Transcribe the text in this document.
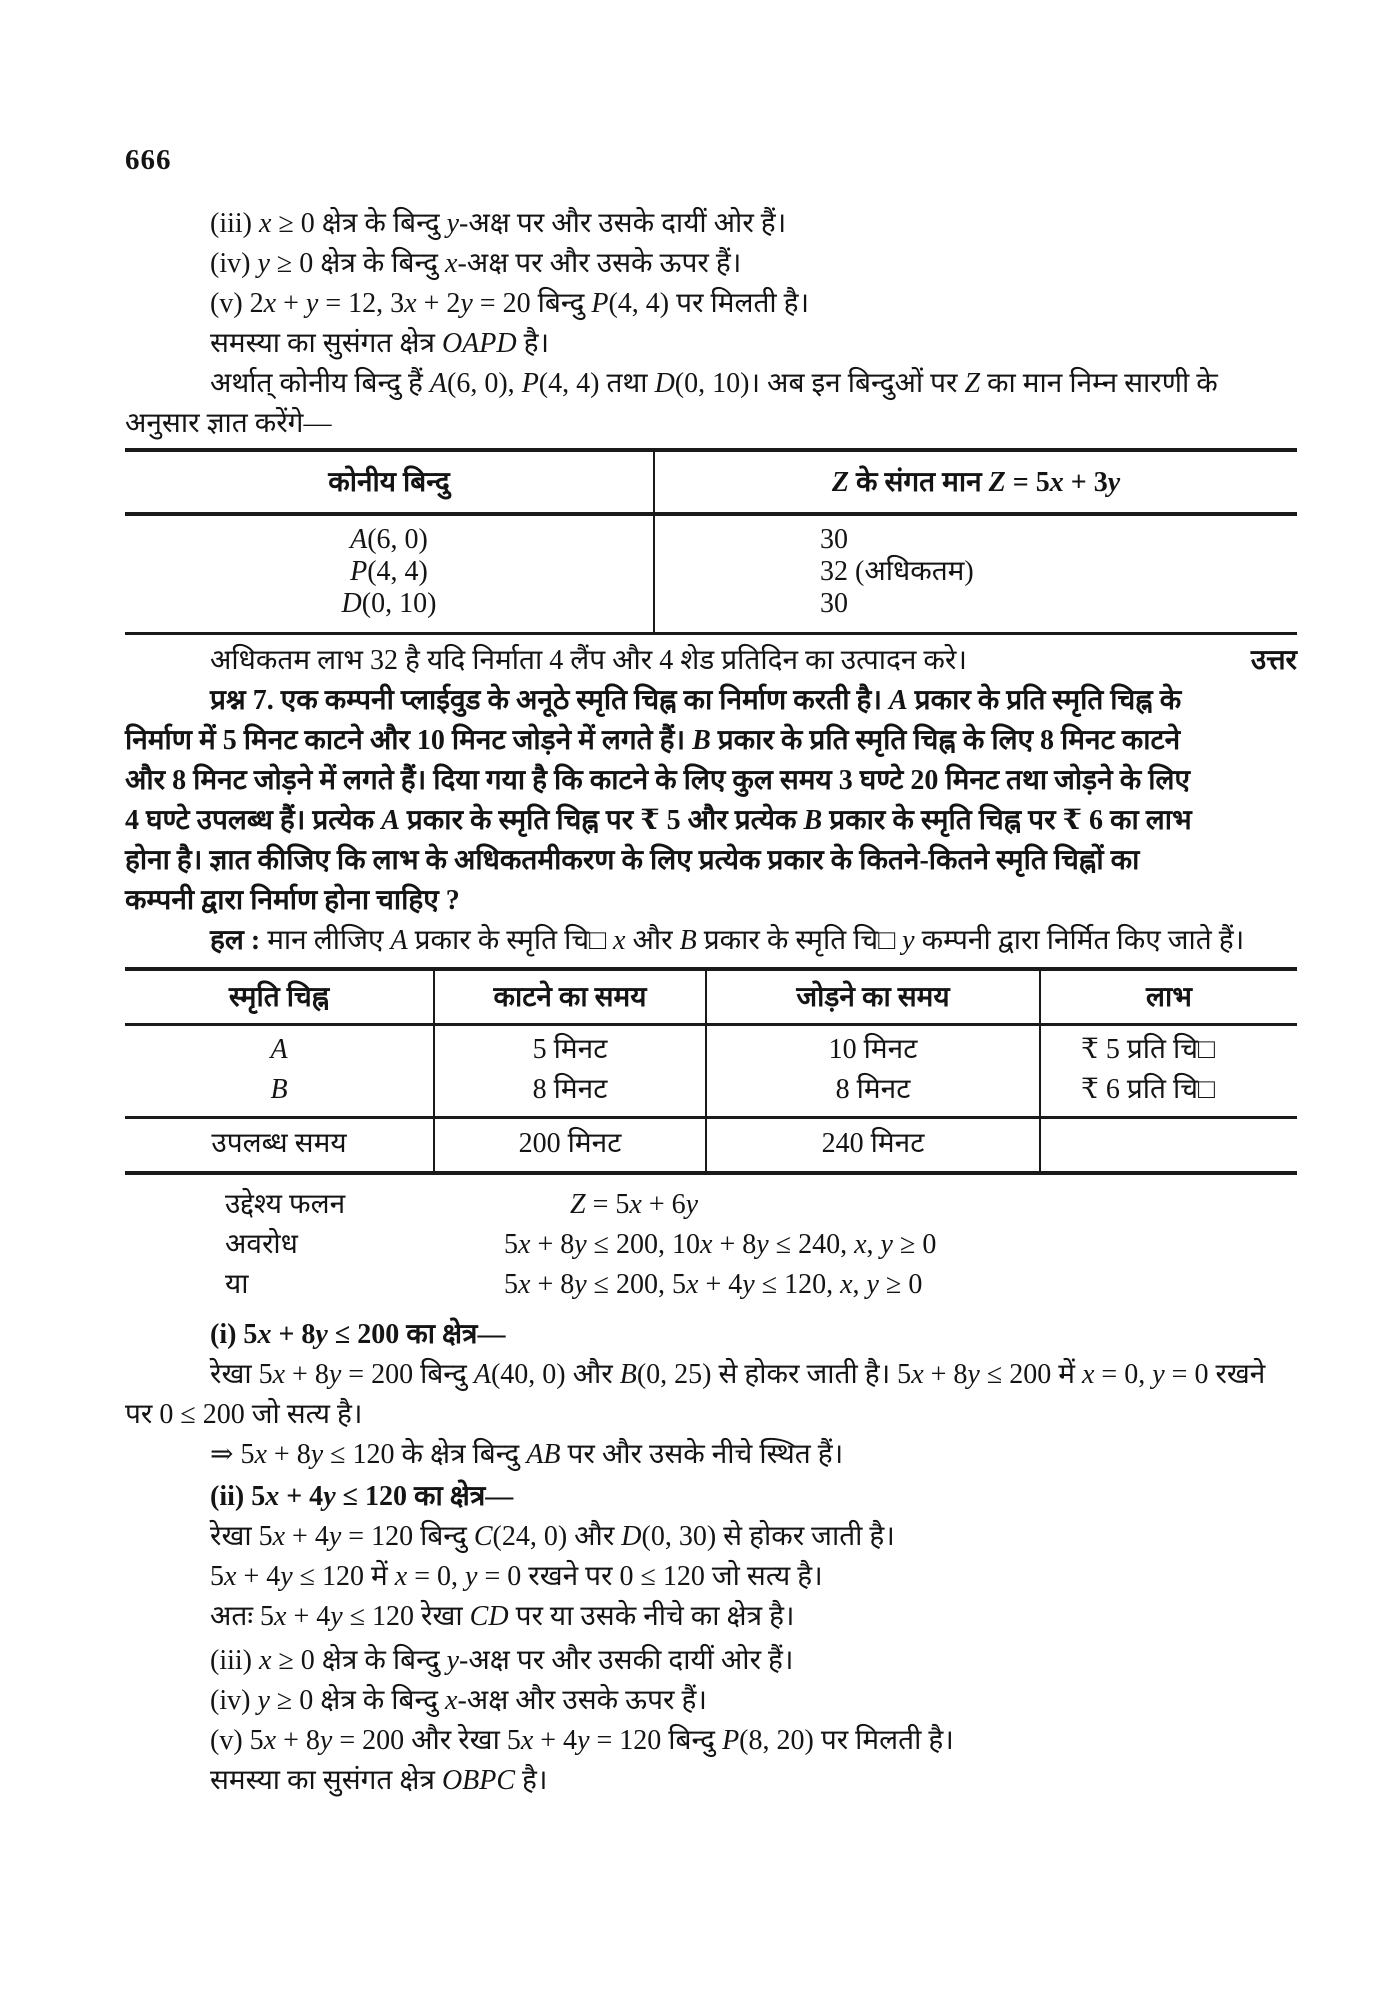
666
(iii) x ≥ 0 क्षेत्र के बिन्दु y-अक्ष पर और उसके दायीं ओर हैं।
(iv) y ≥ 0 क्षेत्र के बिन्दु x-अक्ष पर और उसके ऊपर हैं।
(v) 2x + y = 12, 3x + 2y = 20 बिन्दु P(4, 4) पर मिलती है।
समस्या का सुसंगत क्षेत्र OAPD है।
अर्थात् कोनीय बिन्दु हैं A(6, 0), P(4, 4) तथा D(0, 10)। अब इन बिन्दुओं पर Z का मान निम्न सारणी के
अनुसार ज्ञात करेंगे—
कोनीय बिन्दु	Z के संगत मान Z = 5x + 3y
A(6, 0)	30
P(4, 4)	32 (अधिकतम)
D(0, 10)	30
अधिकतम लाभ 32 है यदि निर्माता 4 लैंप और 4 शेड प्रतिदिन का उत्पादन करे।	उत्तर
प्रश्न 7. एक कम्पनी प्लाईवुड के अनूठे स्मृति चिह्न का निर्माण करती है। A प्रकार के प्रति स्मृति चिह्न के
निर्माण में 5 मिनट काटने और 10 मिनट जोड़ने में लगते हैं। B प्रकार के प्रति स्मृति चिह्न के लिए 8 मिनट काटने
और 8 मिनट जोड़ने में लगते हैं। दिया गया है कि काटने के लिए कुल समय 3 घण्टे 20 मिनट तथा जोड़ने के लिए
4 घण्टे उपलब्ध हैं। प्रत्येक A प्रकार के स्मृति चिह्न पर ₹ 5 और प्रत्येक B प्रकार के स्मृति चिह्न पर ₹ 6 का लाभ
होना है। ज्ञात कीजिए कि लाभ के अधिकतमीकरण के लिए प्रत्येक प्रकार के कितने-कितने स्मृति चिह्नों का
कम्पनी द्वारा निर्माण होना चाहिए ?
हल : मान लीजिए A प्रकार के स्मृति चि□ x और B प्रकार के स्मृति चि□ y कम्पनी द्वारा निर्मित किए जाते हैं।
स्मृति चिह्न	काटने का समय	जोड़ने का समय	लाभ
A	5 मिनट	10 मिनट	₹ 5 प्रति चि□
B	8 मिनट	8 मिनट	₹ 6 प्रति चि□
उपलब्ध समय	200 मिनट	240 मिनट
उद्देश्य फलन	Z = 5x + 6y
अवरोध	5x + 8y ≤ 200, 10x + 8y ≤ 240, x, y ≥ 0
या	5x + 8y ≤ 200, 5x + 4y ≤ 120, x, y ≥ 0
(i) 5x + 8y ≤ 200 का क्षेत्र—
रेखा 5x + 8y = 200 बिन्दु A(40, 0) और B(0, 25) से होकर जाती है। 5x + 8y ≤ 200 में x = 0, y = 0 रखने
पर 0 ≤ 200 जो सत्य है।
⇒ 5x + 8y ≤ 120 के क्षेत्र बिन्दु AB पर और उसके नीचे स्थित हैं।
(ii) 5x + 4y ≤ 120 का क्षेत्र—
रेखा 5x + 4y = 120 बिन्दु C(24, 0) और D(0, 30) से होकर जाती है।
5x + 4y ≤ 120 में x = 0, y = 0 रखने पर 0 ≤ 120 जो सत्य है।
अतः 5x + 4y ≤ 120 रेखा CD पर या उसके नीचे का क्षेत्र है।
(iii) x ≥ 0 क्षेत्र के बिन्दु y-अक्ष पर और उसकी दायीं ओर हैं।
(iv) y ≥ 0 क्षेत्र के बिन्दु x-अक्ष और उसके ऊपर हैं।
(v) 5x + 8y = 200 और रेखा 5x + 4y = 120 बिन्दु P(8, 20) पर मिलती है।
समस्या का सुसंगत क्षेत्र OBPC है।
